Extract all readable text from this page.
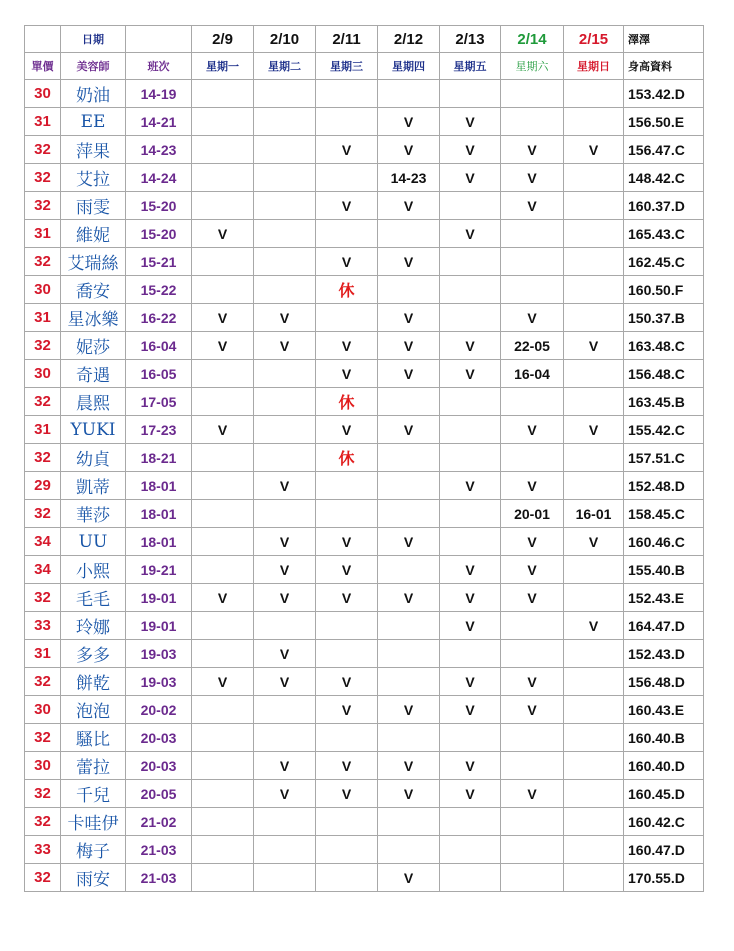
	日期		2/9	2/10	2/11	2/12	2/13	2/14	2/15	澤澤
單價	美容師	班次	星期一	星期二	星期三	星期四	星期五	星期六	星期日	身高資料
30	奶油	14-19								153.42.D
31	EE	14-21				V	V			156.50.E
32	萍果	14-23			V	V	V	V	V	156.47.C
32	艾拉	14-24				14-23	V	V		148.42.C
32	雨雯	15-20			V	V		V		160.37.D
31	維妮	15-20	V				V			165.43.C
32	艾瑞絲	15-21			V	V				162.45.C
30	喬安	15-22			休					160.50.F
31	星冰樂	16-22	V	V		V		V		150.37.B
32	妮莎	16-04	V	V	V	V	V	22-05	V	163.48.C
30	奇遇	16-05			V	V	V	16-04		156.48.C
32	晨熙	17-05			休					163.45.B
31	YUKI	17-23	V		V	V		V	V	155.42.C
32	幼貞	18-21			休					157.51.C
29	凱蒂	18-01		V			V	V		152.48.D
32	華莎	18-01						20-01	16-01	158.45.C
34	UU	18-01		V	V	V		V	V	160.46.C
34	小熙	19-21		V	V		V	V		155.40.B
32	毛毛	19-01	V	V	V	V	V	V		152.43.E
33	玲娜	19-01					V		V	164.47.D
31	多多	19-03		V						152.43.D
32	餅乾	19-03	V	V	V		V	V		156.48.D
30	泡泡	20-02			V	V	V	V		160.43.E
32	騷比	20-03								160.40.B
30	蕾拉	20-03		V	V	V	V			160.40.D
32	千兒	20-05		V	V	V	V	V		160.45.D
32	卡哇伊	21-02								160.42.C
33	梅子	21-03								160.47.D
32	雨安	21-03				V				170.55.D
